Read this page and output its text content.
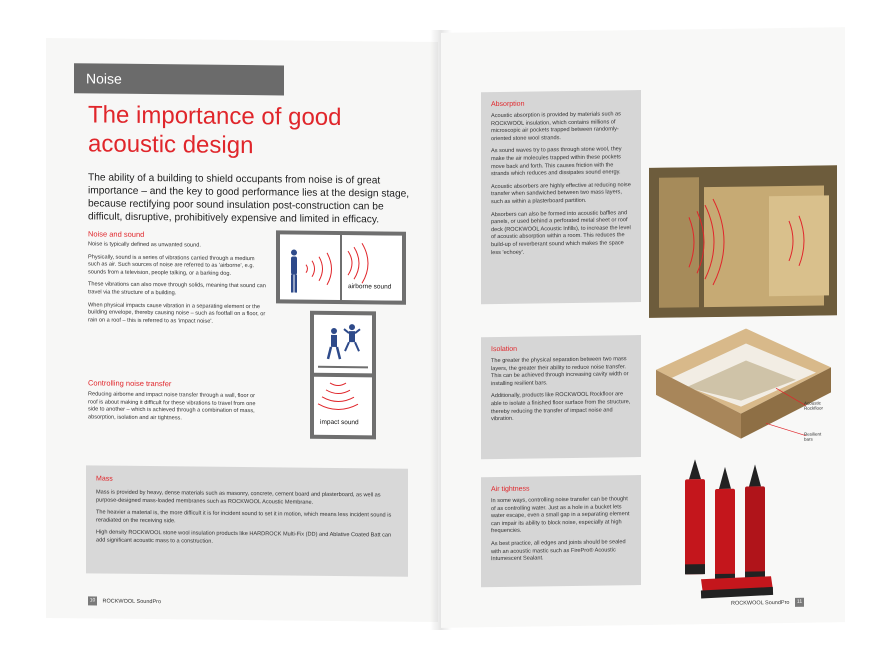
Noise
The importance of good acoustic design
The ability of a building to shield occupants from noise is of great importance – and the key to good performance lies at the design stage, because rectifying poor sound insulation post-construction can be difficult, disruptive, prohibitively expensive and limited in efficacy.
Noise and sound

Noise is typically defined as unwanted sound.

Physically, sound is a series of vibrations carried through a medium such as air. Such sources of noise are referred to as 'airborne', e.g. sounds from a television, people talking, or a barking dog.

These vibrations can also move through solids, meaning that sound can travel via the structure of a building.

When physical impacts cause vibration in a separating element or the building envelope, thereby causing noise – such as footfall on a floor, or rain on a roof – this is referred to as 'impact noise'.

Controlling noise transfer

Reducing airborne and impact noise transfer through a wall, floor or roof is about making it difficult for these vibrations to travel from one side to another – which is achieved through a combination of mass, absorption, isolation and air tightness.

airborne sound
impact sound
Mass

Mass is provided by heavy, dense materials such as masonry, concrete, cement board and plasterboard, as well as purpose-designed mass-loaded membranes such as ROCKWOOL Acoustic Membrane.

The heavier a material is, the more difficult it is for incident sound to set it in motion, which means less incident sound is reradiated on the receiving side.

High density ROCKWOOL stone wool insulation products like HARDROCK Multi-Fix (DD) and Ablative Coated Batt can add significant acoustic mass to a construction.

10 ROCKWOOL SoundPro
Absorption

Acoustic absorption is provided by materials such as ROCKWOOL insulation, which contains millions of microscopic air pockets trapped between randomly-oriented stone wool strands.

As sound waves try to pass through stone wool, they make the air molecules trapped within these pockets move back and forth. This causes friction with the strands which reduces and dissipates sound energy.

Acoustic absorbers are highly effective at reducing noise transfer when sandwiched between two mass layers, such as within a plasterboard partition.

Absorbers can also be formed into acoustic baffles and panels, or used behind a perforated metal sheet or roof deck (ROCKWOOL Acoustic Infills), to increase the level of acoustic absorption within a room. This reduces the build-up of reverberant sound which makes the space less 'echoey'.

Isolation

The greater the physical separation between two mass layers, the greater their ability to reduce noise transfer. This can be achieved through increasing cavity width or installing resilient bars.

Additionally, products like ROCKWOOL Rockfloor are able to isolate a finished floor surface from the structure, thereby reducing the transfer of impact noise and vibration.

Acoustic Rockfloor
Resilient bars
Air tightness

In some ways, controlling noise transfer can be thought of as controlling water. Just as a hole in a bucket lets water escape, even a small gap in a separating element can impair its ability to block noise, especially at high frequencies.

As best practice, all edges and joints should be sealed with an acoustic mastic such as FirePro® Acoustic Intumescent Sealant.

ROCKWOOL SoundPro 11
